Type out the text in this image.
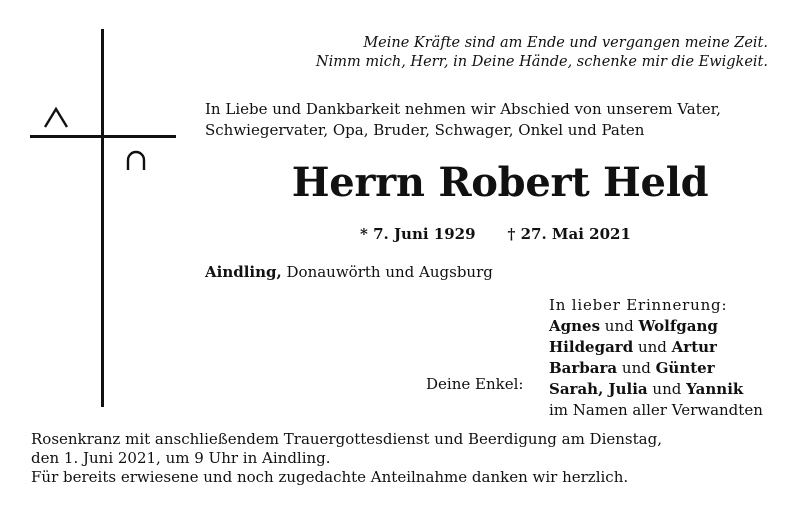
Meine Kräfte sind am Ende und vergangen meine Zeit.
Nimm mich, Herr, in Deine Hände, schenke mir die Ewigkeit.
In Liebe und Dankbarkeit nehmen wir Abschied von unserem Vater,
Schwiegervater, Opa, Bruder, Schwager, Onkel und Paten
Herrn Robert Held
* 7. Juni 1929 † 27. Mai 2021
Aindling, Donauwörth und Augsburg
In lieber Erinnerung:
Agnes und Wolfgang
Hildegard und Artur
Barbara und Günter
Sarah, Julia und Yannik
im Namen aller Verwandten
Deine Enkel:
Rosenkranz mit anschließendem Trauergottesdienst und Beerdigung am Dienstag,
den 1. Juni 2021, um 9 Uhr in Aindling.
Für bereits erwiesene und noch zugedachte Anteilnahme danken wir herzlich.
